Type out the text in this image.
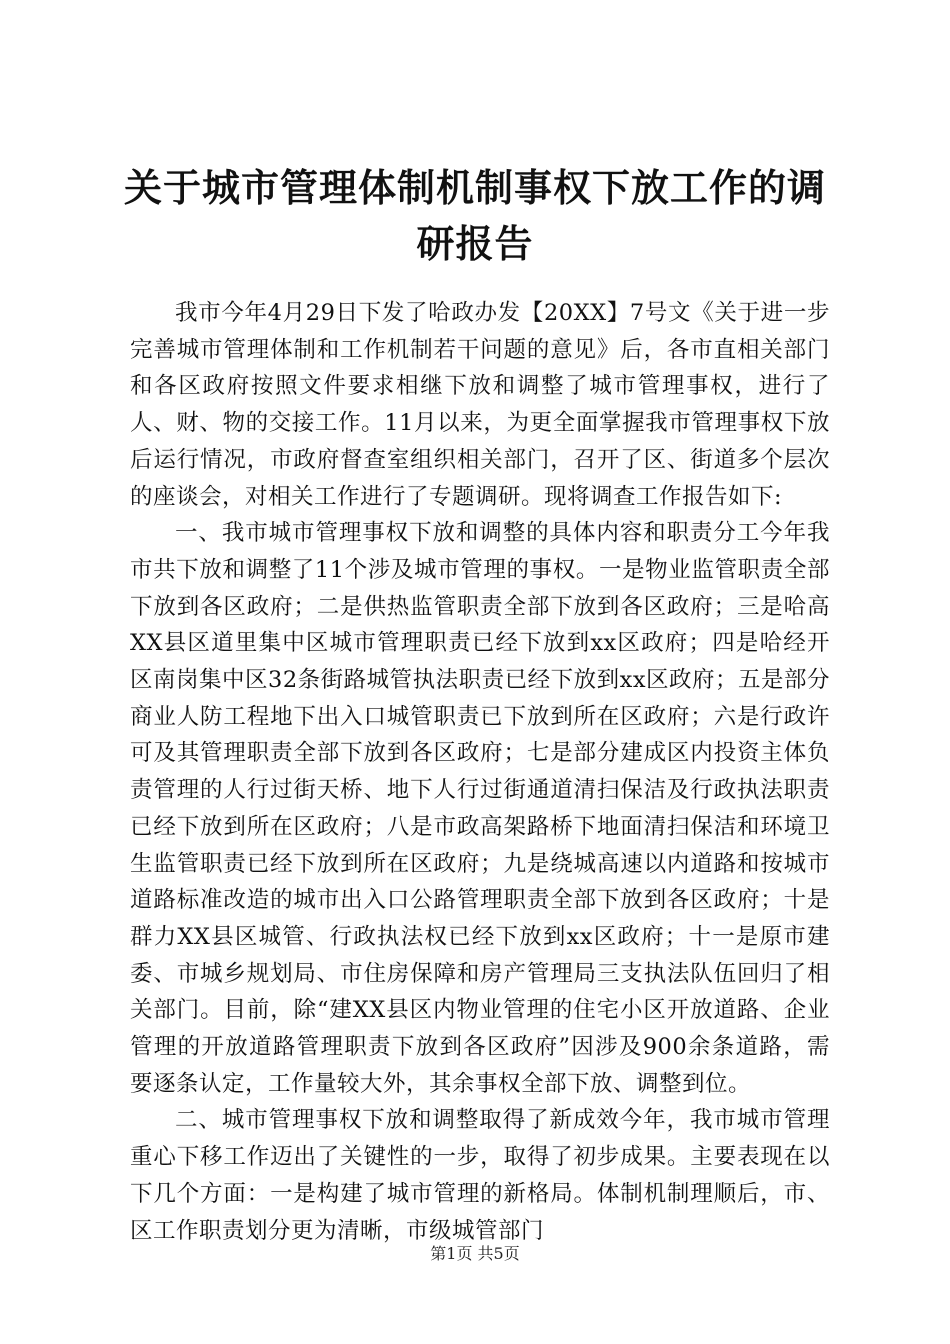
关于城市管理体制机制事权下放工作的调研报告

我市今年4月29日下发了哈政办发【20XX】7号文《关于进一步完善城市管理体制和工作机制若干问题的意见》后，各市直相关部门和各区政府按照文件要求相继下放和调整了城市管理事权，进行了人、财、物的交接工作。11月以来，为更全面掌握我市管理事权下放后运行情况，市政府督查室组织相关部门，召开了区、街道多个层次的座谈会，对相关工作进行了专题调研。现将调查工作报告如下:

一、我市城市管理事权下放和调整的具体内容和职责分工今年我市共下放和调整了11个涉及城市管理的事权。一是物业监管职责全部下放到各区政府；二是供热监管职责全部下放到各区政府；三是哈高XX县区道里集中区城市管理职责已经下放到xx区政府；四是哈经开区南岗集中区32条街路城管执法职责已经下放到xx区政府；五是部分商业人防工程地下出入口城管职责已下放到所在区政府；六是行政许可及其管理职责全部下放到各区政府；七是部分建成区内投资主体负责管理的人行过街天桥、地下人行过街通道清扫保洁及行政执法职责已经下放到所在区政府；八是市政高架路桥下地面清扫保洁和环境卫生监管职责已经下放到所在区政府；九是绕城高速以内道路和按城市道路标准改造的城市出入口公路管理职责全部下放到各区政府；十是群力XX县区城管、行政执法权已经下放到xx区政府；十一是原市建委、市城乡规划局、市住房保障和房产管理局三支执法队伍回归了相关部门。目前，除“建XX县区内物业管理的住宅小区开放道路、企业管理的开放道路管理职责下放到各区政府”因涉及900余条道路，需要逐条认定，工作量较大外，其余事权全部下放、调整到位。

二、城市管理事权下放和调整取得了新成效今年，我市城市管理重心下移工作迈出了关键性的一步，取得了初步成果。主要表现在以下几个方面：一是构建了城市管理的新格局。体制机制理顺后，市、区工作职责划分更为清晰，市级城管部门

第1页 共5页
